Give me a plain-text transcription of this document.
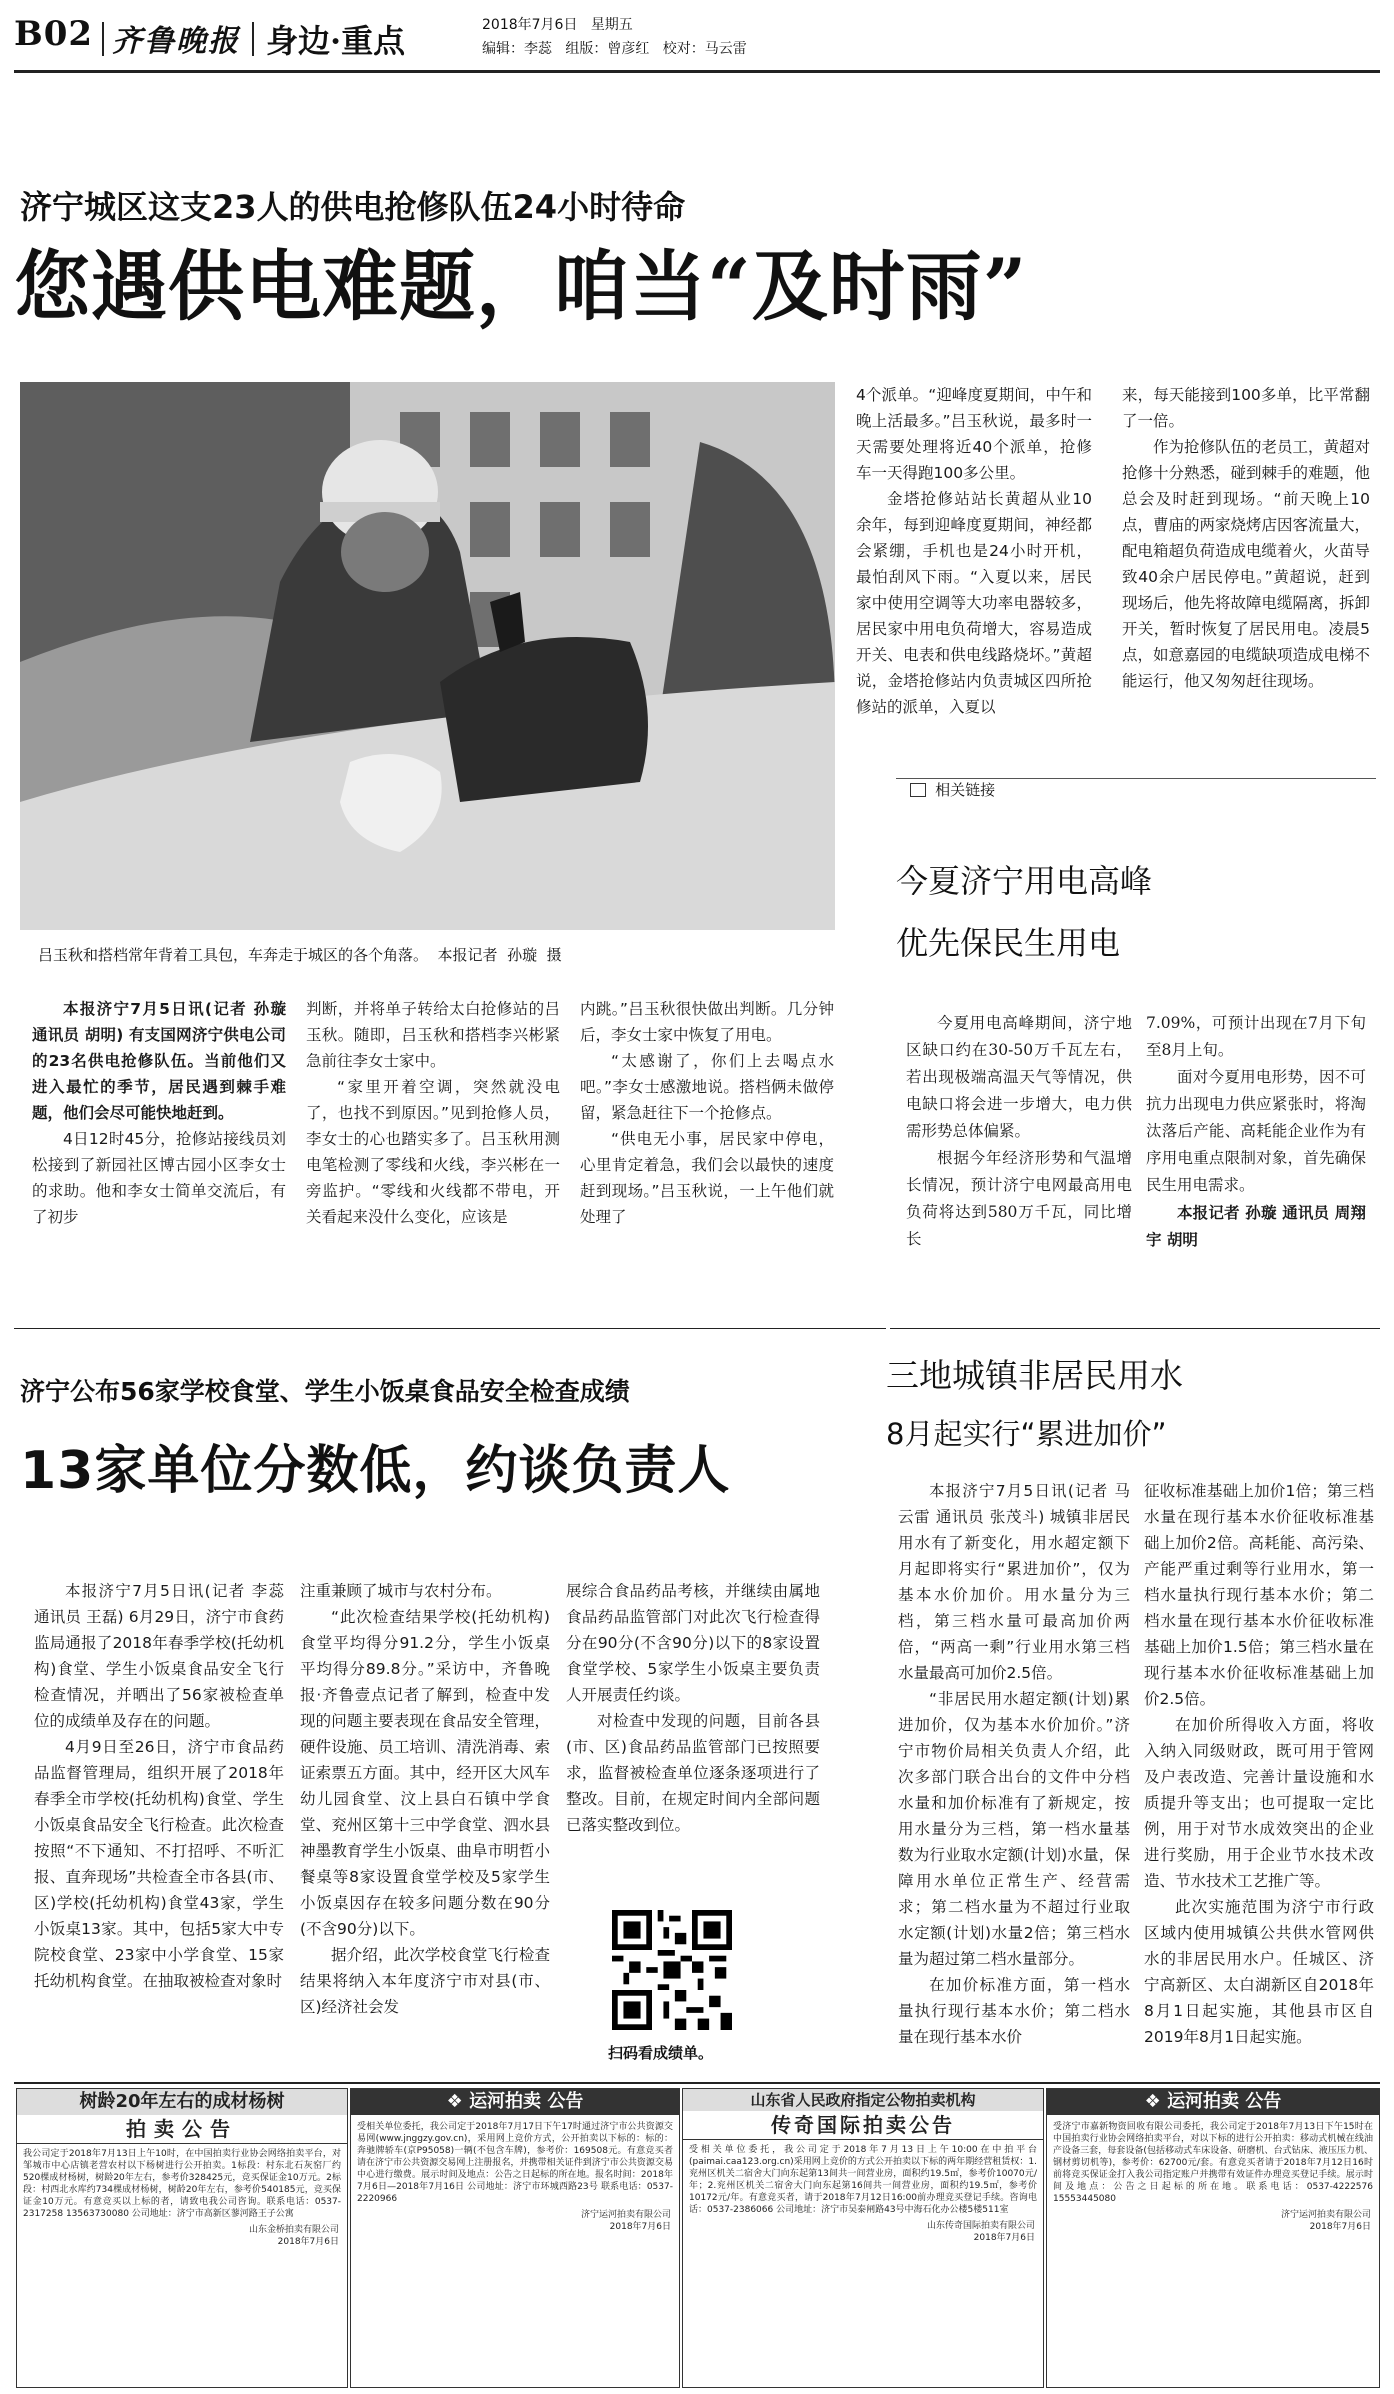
B02 齐鲁晚报 身边·重点	2018年7月6日 星期五
编辑：李蕊 组版：曾彦红 校对：马云雷
济宁城区这支23人的供电抢修队伍24小时待命
您遇供电难题，咱当“及时雨”
吕玉秋和搭档常年背着工具包，车奔走于城区的各个角落。  本报记者  孙璇  摄

4个派单。“迎峰度夏期间，中午和晚上活最多。”吕玉秋说，最多时一天需要处理将近40个派单，抢修车一天得跑100多公里。

金塔抢修站站长黄超从业10余年，每到迎峰度夏期间，神经都会紧绷，手机也是24小时开机，最怕刮风下雨。“入夏以来，居民家中使用空调等大功率电器较多，居民家中用电负荷增大，容易造成开关、电表和供电线路烧坏。”黄超说，金塔抢修站内负责城区四所抢修站的派单，入夏以

来，每天能接到100多单，比平常翻了一倍。

作为抢修队伍的老员工，黄超对抢修十分熟悉，碰到棘手的难题，他总会及时赶到现场。“前天晚上10点，曹庙的两家烧烤店因客流量大，配电箱超负荷造成电缆着火，火苗导致40余户居民停电。”黄超说，赶到现场后，他先将故障电缆隔离，拆卸开关，暂时恢复了居民用电。凌晨5点，如意嘉园的电缆缺项造成电梯不能运行，他又匆匆赶往现场。

本报济宁7月5日讯(记者 孙璇 通讯员 胡明) 有支国网济宁供电公司的23名供电抢修队伍。当前他们又进入最忙的季节，居民遇到棘手难题，他们会尽可能快地赶到。

4日12时45分，抢修站接线员刘松接到了新园社区博古园小区李女士的求助。他和李女士简单交流后，有了初步

判断，并将单子转给太白抢修站的吕玉秋。随即，吕玉秋和搭档李兴彬紧急前往李女士家中。

“家里开着空调，突然就没电了，也找不到原因。”见到抢修人员，李女士的心也踏实多了。吕玉秋用测电笔检测了零线和火线，李兴彬在一旁监护。“零线和火线都不带电，开关看起来没什么变化，应该是

内跳。”吕玉秋很快做出判断。几分钟后，李女士家中恢复了用电。

“太感谢了，你们上去喝点水吧。”李女士感激地说。搭档俩未做停留，紧急赶往下一个抢修点。

“供电无小事，居民家中停电，心里肯定着急，我们会以最快的速度赶到现场。”吕玉秋说，一上午他们就处理了

相关链接
今夏济宁用电高峰
优先保民生用电

今夏用电高峰期间，济宁地区缺口约在30-50万千瓦左右，若出现极端高温天气等情况，供电缺口将会进一步增大，电力供需形势总体偏紧。

根据今年经济形势和气温增长情况，预计济宁电网最高用电负荷将达到580万千瓦，同比增长

7.09%，可预计出现在7月下旬至8月上旬。

面对今夏用电形势，因不可抗力出现电力供应紧张时，将淘汰落后产能、高耗能企业作为有序用电重点限制对象，首先确保民生用电需求。

本报记者 孙璇 通讯员 周翔宇 胡明

济宁公布56家学校食堂、学生小饭桌食品安全检查成绩
13家单位分数低，约谈负责人

本报济宁7月5日讯(记者 李蕊 通讯员 王磊) 6月29日，济宁市食药监局通报了2018年春季学校(托幼机构)食堂、学生小饭桌食品安全飞行检查情况，并晒出了56家被检查单位的成绩单及存在的问题。

4月9日至26日，济宁市食品药品监督管理局，组织开展了2018年春季全市学校(托幼机构)食堂、学生小饭桌食品安全飞行检查。此次检查按照“不下通知、不打招呼、不听汇报、直奔现场”共检查全市各县(市、区)学校(托幼机构)食堂43家，学生小饭桌13家。其中，包括5家大中专院校食堂、23家中小学食堂、15家托幼机构食堂。在抽取被检查对象时

注重兼顾了城市与农村分布。

“此次检查结果学校(托幼机构)食堂平均得分91.2分，学生小饭桌平均得分89.8分。”采访中，齐鲁晚报·齐鲁壹点记者了解到，检查中发现的问题主要表现在食品安全管理，硬件设施、员工培训、清洗消毒、索证索票五方面。其中，经开区大风车幼儿园食堂、汶上县白石镇中学食堂、兖州区第十三中学食堂、泗水县神墨教育学生小饭桌、曲阜市明哲小餐桌等8家设置食堂学校及5家学生小饭桌因存在较多问题分数在90分(不含90分)以下。

据介绍，此次学校食堂飞行检查结果将纳入本年度济宁市对县(市、区)经济社会发

展综合食品药品考核，并继续由属地食品药品监管部门对此次飞行检查得分在90分(不含90分)以下的8家设置食堂学校、5家学生小饭桌主要负责人开展责任约谈。

对检查中发现的问题，目前各县(市、区)食品药品监管部门已按照要求，监督被检查单位逐条逐项进行了整改。目前，在规定时间内全部问题已落实整改到位。

扫码看成绩单。
三地城镇非居民用水
8月起实行“累进加价”

本报济宁7月5日讯(记者 马云雷 通讯员 张茂斗) 城镇非居民用水有了新变化，用水超定额下月起即将实行“累进加价”，仅为基本水价加价。用水量分为三档，第三档水量可最高加价两倍，“两高一剩”行业用水第三档水量最高可加价2.5倍。

“非居民用水超定额(计划)累进加价，仅为基本水价加价。”济宁市物价局相关负责人介绍，此次多部门联合出台的文件中分档水量和加价标准有了新规定，按用水量分为三档，第一档水量基数为行业取水定额(计划)水量，保障用水单位正常生产、经营需求；第二档水量为不超过行业取水定额(计划)水量2倍；第三档水量为超过第二档水量部分。

在加价标准方面，第一档水量执行现行基本水价；第二档水量在现行基本水价

征收标准基础上加价1倍；第三档水量在现行基本水价征收标准基础上加价2倍。高耗能、高污染、产能严重过剩等行业用水，第一档水量执行现行基本水价；第二档水量在现行基本水价征收标准基础上加价1.5倍；第三档水量在现行基本水价征收标准基础上加价2.5倍。

在加价所得收入方面，将收入纳入同级财政，既可用于管网及户表改造、完善计量设施和水质提升等支出；也可提取一定比例，用于对节水成效突出的企业进行奖励，用于企业节水技术改造、节水技术工艺推广等。

此次实施范围为济宁市行政区域内使用城镇公共供水管网供水的非居民用水户。任城区、济宁高新区、太白湖新区自2018年8月1日起实施，其他县市区自2019年8月1日起实施。

树龄20年左右的成材杨树
拍卖公告
我公司定于2018年7月13日上午10时，在中国拍卖行业协会网络拍卖平台，对邹城市中心店镇老营农村以下杨树进行公开拍卖。1标段：村东北石灰窑厂约520棵成材杨树，树龄20年左右，参考价328425元，竞买保证金10万元。2标段：村西北水库约734棵成材杨树，树龄20年左右，参考价540185元，竞买保证金10万元。有意竞买以上标的者，请致电我公司咨询。联系电话：0537-2317258 13563730080 公司地址：济宁市高新区蓼河路王子公寓
山东金桥拍卖有限公司
2018年7月6日
❖ 运河拍卖 公告
受相关单位委托，我公司定于2018年7月17日下午17时通过济宁市公共资源交易网(www.jnggzy.gov.cn)，采用网上竞价方式，公开拍卖以下标的：标的：奔驰牌轿车(京P95058)一辆(不包含车牌)，参考价：169508元。有意竞买者请在济宁市公共资源交易网上注册报名，并携带相关证件到济宁市公共资源交易中心进行缴费。展示时间及地点：公告之日起标的所在地。报名时间：2018年7月6日—2018年7月16日 公司地址：济宁市环城西路23号 联系电话：0537-2220966
济宁运河拍卖有限公司
2018年7月6日
山东省人民政府指定公物拍卖机构
传奇国际拍卖公告
受相关单位委托，我公司定于2018年7月13日上午10:00在中拍平台(paimai.caa123.org.cn)采用网上竞价的方式公开拍卖以下标的两年期经营租赁权：1.兖州区机关二宿舍大门向东起第13间共一间营业房，面积约19.5㎡，参考价10070元/年；2.兖州区机关二宿舍大门向东起第16间共一间营业房，面积约19.5㎡，参考价10172元/年。有意竞买者，请于2018年7月12日16:00前办理竞买登记手续。咨询电话：0537-2386066 公司地址：济宁市吴泰闸路43号中海石化办公楼5楼511室
山东传奇国际拍卖有限公司
2018年7月6日
❖ 运河拍卖 公告
受济宁市嘉新物资回收有限公司委托，我公司定于2018年7月13日下午15时在中国拍卖行业协会网络拍卖平台，对以下标的进行公开拍卖：移动式机械在线油产设备三套，每套设备(包括移动式车床设备、研磨机、台式钻床、液压压力机、钢材剪切机等)，参考价：62700元/套。有意竞买者请于2018年7月12日16时前将竞买保证金打入我公司指定账户并携带有效证件办理竞买登记手续。展示时间及地点：公告之日起标的所在地。联系电话：0537-4222576 15553445080
济宁运河拍卖有限公司
2018年7月6日
